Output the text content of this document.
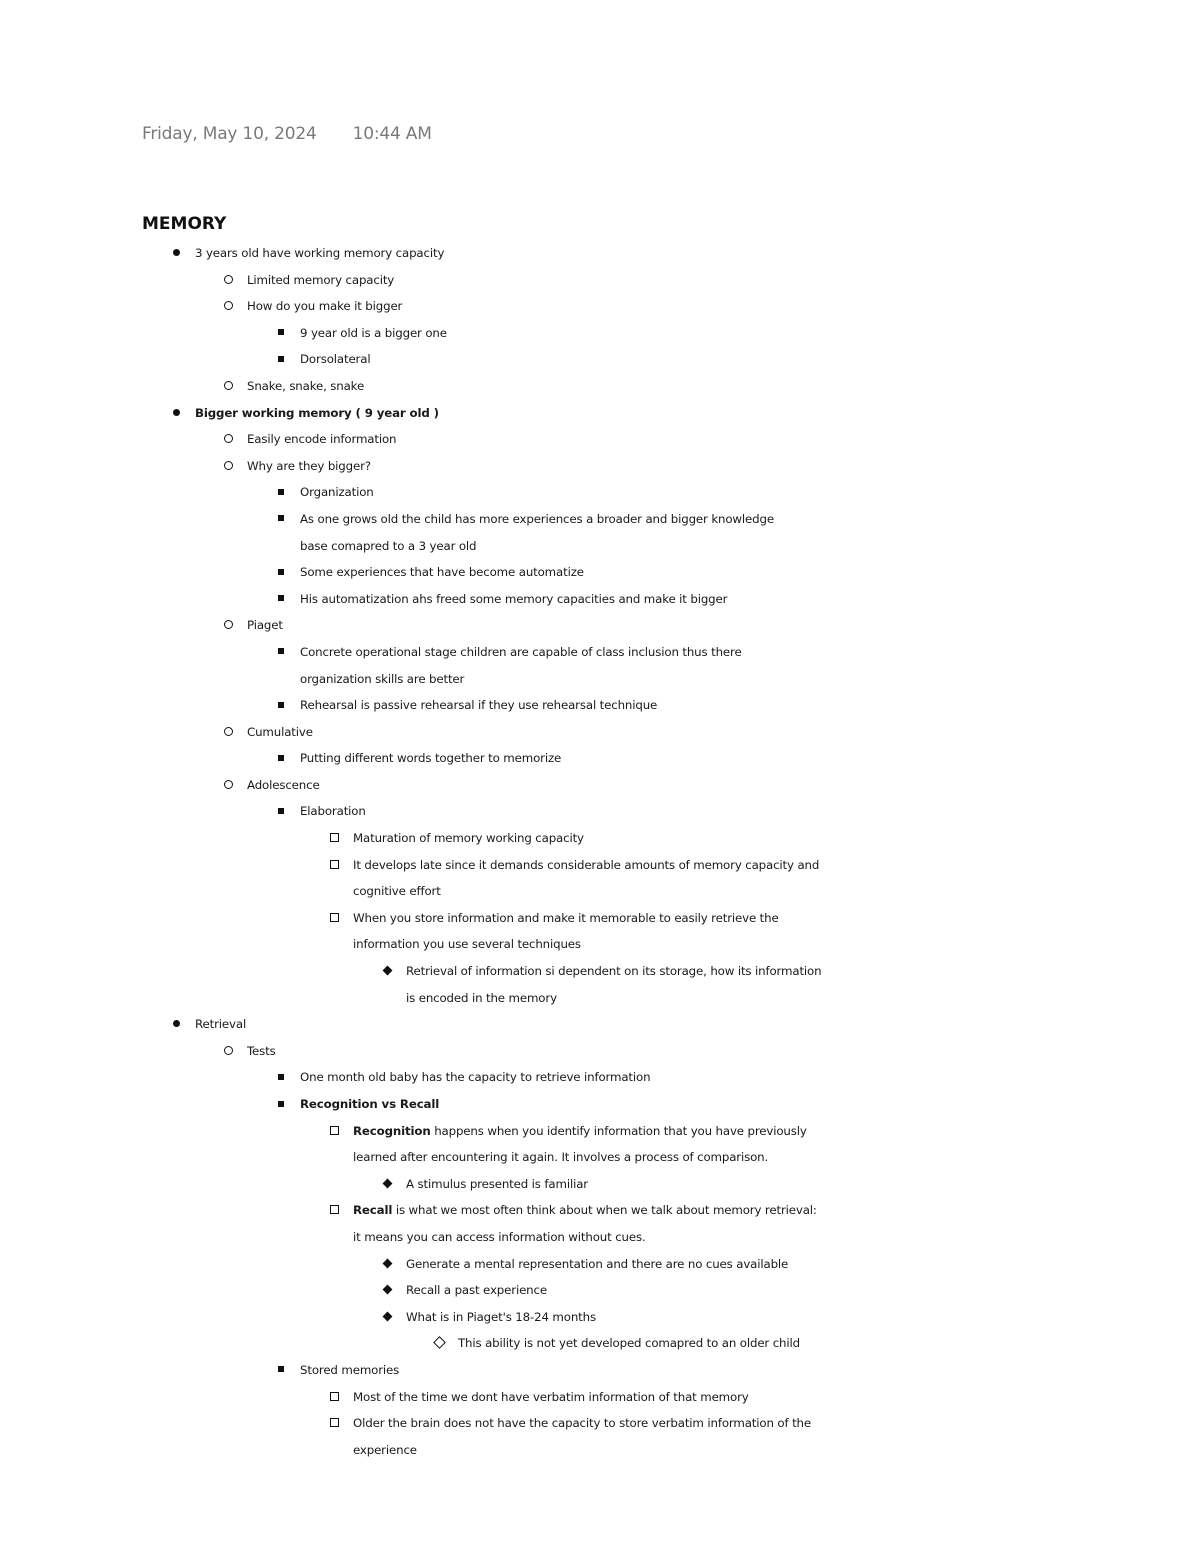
Friday, May 10, 2024 10:44 AM
MEMORY
3 years old have working memory capacity
Limited memory capacity
How do you make it bigger
9 year old is a bigger one
Dorsolateral
Snake, snake, snake
Bigger working memory ( 9 year old )
Easily encode information
Why are they bigger?
Organization
As one grows old the child has more experiences a broader and bigger knowledge
base comapred to a 3 year old
Some experiences that have become automatize
His automatization ahs freed some memory capacities and make it bigger
Piaget
Concrete operational stage children are capable of class inclusion thus there
organization skills are better
Rehearsal is passive rehearsal if they use rehearsal technique
Cumulative
Putting different words together to memorize
Adolescence
Elaboration
Maturation of memory working capacity
It develops late since it demands considerable amounts of memory capacity and
cognitive effort
When you store information and make it memorable to easily retrieve the
information you use several techniques
Retrieval of information si dependent on its storage, how its information
is encoded in the memory
Retrieval
Tests
One month old baby has the capacity to retrieve information
Recognition vs Recall
Recognition happens when you identify information that you have previously
learned after encountering it again. It involves a process of comparison.
A stimulus presented is familiar
Recall is what we most often think about when we talk about memory retrieval:
it means you can access information without cues.
Generate a mental representation and there are no cues available
Recall a past experience
What is in Piaget's 18-24 months
This ability is not yet developed comapred to an older child
Stored memories
Most of the time we dont have verbatim information of that memory
Older the brain does not have the capacity to store verbatim information of the
experience
